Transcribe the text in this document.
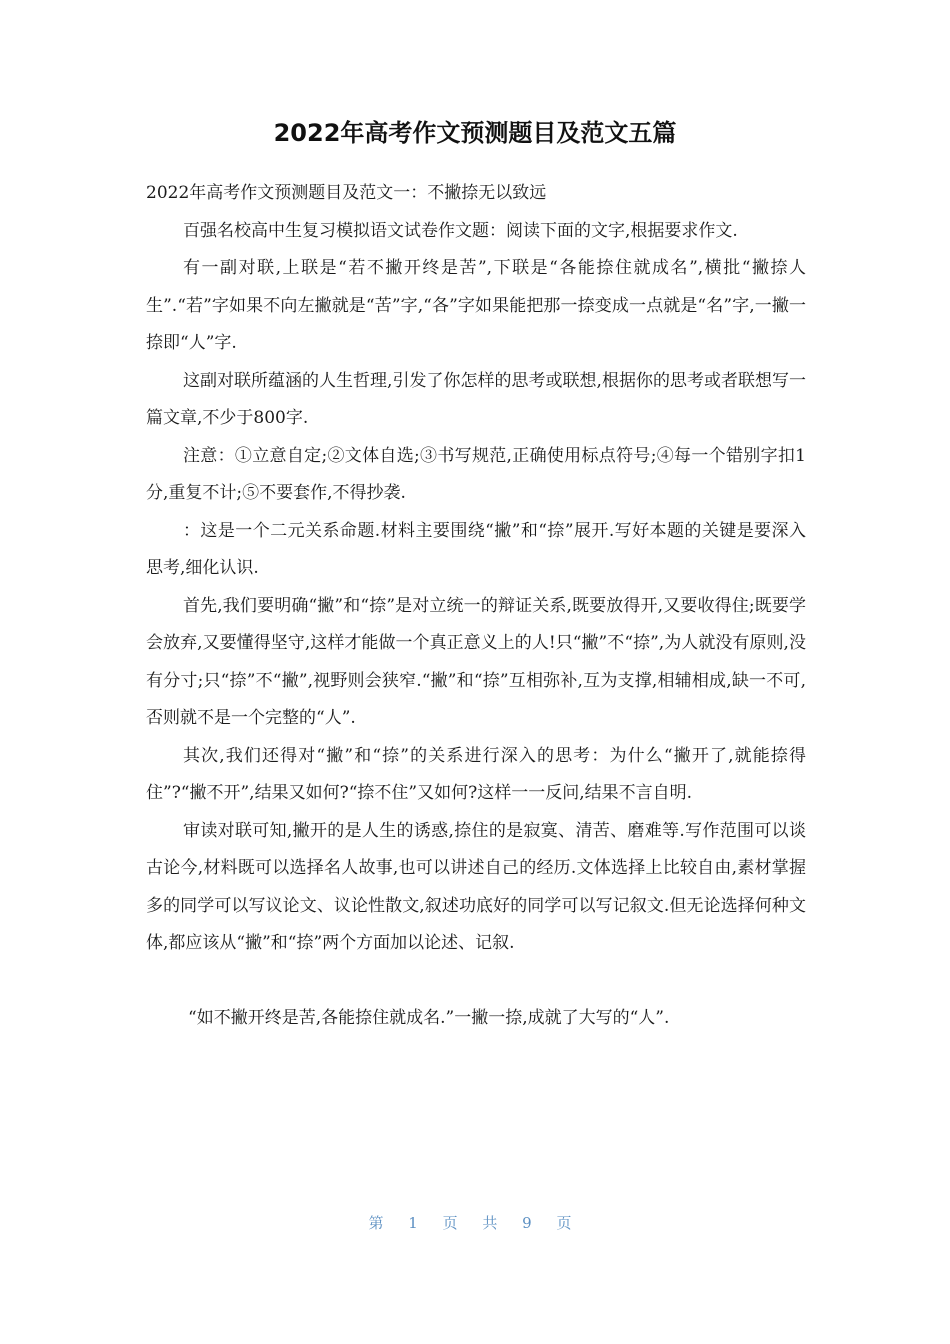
2022年高考作文预测题目及范文五篇

2022年高考作文预测题目及范文一：不撇捺无以致远

百强名校高中生复习模拟语文试卷作文题：阅读下面的文字,根据要求作文.

有一副对联,上联是“若不撇开终是苦”,下联是“各能捺住就成名”,横批“撇捺人生”.“若”字如果不向左撇就是“苦”字,“各”字如果能把那一捺变成一点就是“名”字,一撇一捺即“人”字.

这副对联所蕴涵的人生哲理,引发了你怎样的思考或联想,根据你的思考或者联想写一篇文章,不少于800字.

注意：①立意自定;②文体自选;③书写规范,正确使用标点符号;④每一个错别字扣1分,重复不计;⑤不要套作,不得抄袭.

：这是一个二元关系命题.材料主要围绕“撇”和“捺”展开.写好本题的关键是要深入思考,细化认识.

首先,我们要明确“撇”和“捺”是对立统一的辩证关系,既要放得开,又要收得住;既要学会放弃,又要懂得坚守,这样才能做一个真正意义上的人!只“撇”不“捺”,为人就没有原则,没有分寸;只“捺”不“撇”,视野则会狭窄.“撇”和“捺”互相弥补,互为支撑,相辅相成,缺一不可,否则就不是一个完整的“人”.

其次,我们还得对“撇”和“捺”的关系进行深入的思考：为什么“撇开了,就能捺得住”?“撇不开”,结果又如何?“捺不住”又如何?这样一一反问,结果不言自明.

审读对联可知,撇开的是人生的诱惑,捺住的是寂寞、清苦、磨难等.写作范围可以谈古论今,材料既可以选择名人故事,也可以讲述自己的经历.文体选择上比较自由,素材掌握多的同学可以写议论文、议论性散文,叙述功底好的同学可以写记叙文.但无论选择何种文体,都应该从“撇”和“捺”两个方面加以论述、记叙.

“如不撇开终是苦,各能捺住就成名.”一撇一捺,成就了大写的“人”.

第 1 页 共 9 页
